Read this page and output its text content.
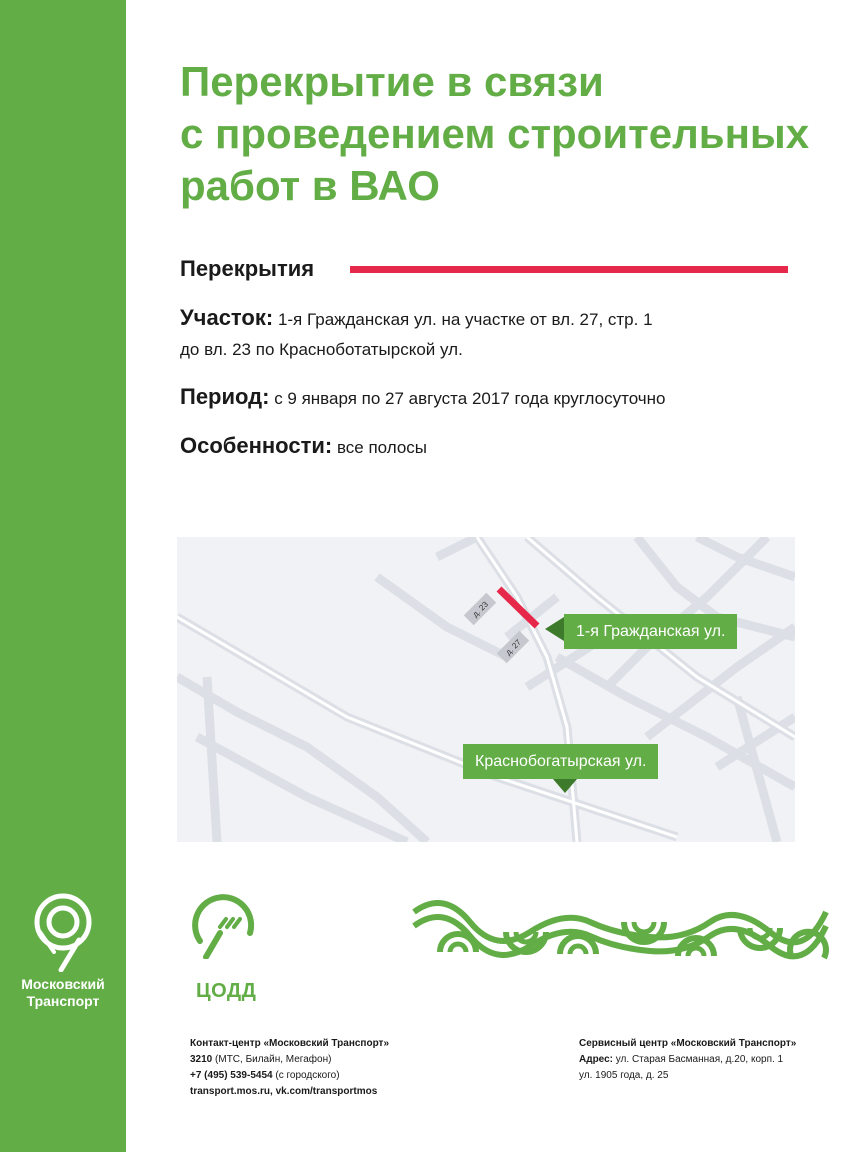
Московский
Транспорт
Перекрытие в связи
с проведением строительных
работ в ВАО
Перекрытия
Участок: 1-я Гражданская ул. на участке от вл. 27, стр. 1
до вл. 23 по Красноботатырской ул.
Период: с 9 января по 27 августа 2017 года круглосуточно
Особенности: все полосы
д. 23
д. 27
1-я Гражданская ул.
Краснобогатырская ул.
ЦОДД
Контакт-центр «Московский Транспорт»
3210 (МТС, Билайн, Мегафон)
+7 (495) 539-5454 (с городского)
transport.mos.ru, vk.com/transportmos
Сервисный центр «Московский Транспорт»
Адрес: ул. Старая Басманная, д.20, корп. 1
ул. 1905 года, д. 25
